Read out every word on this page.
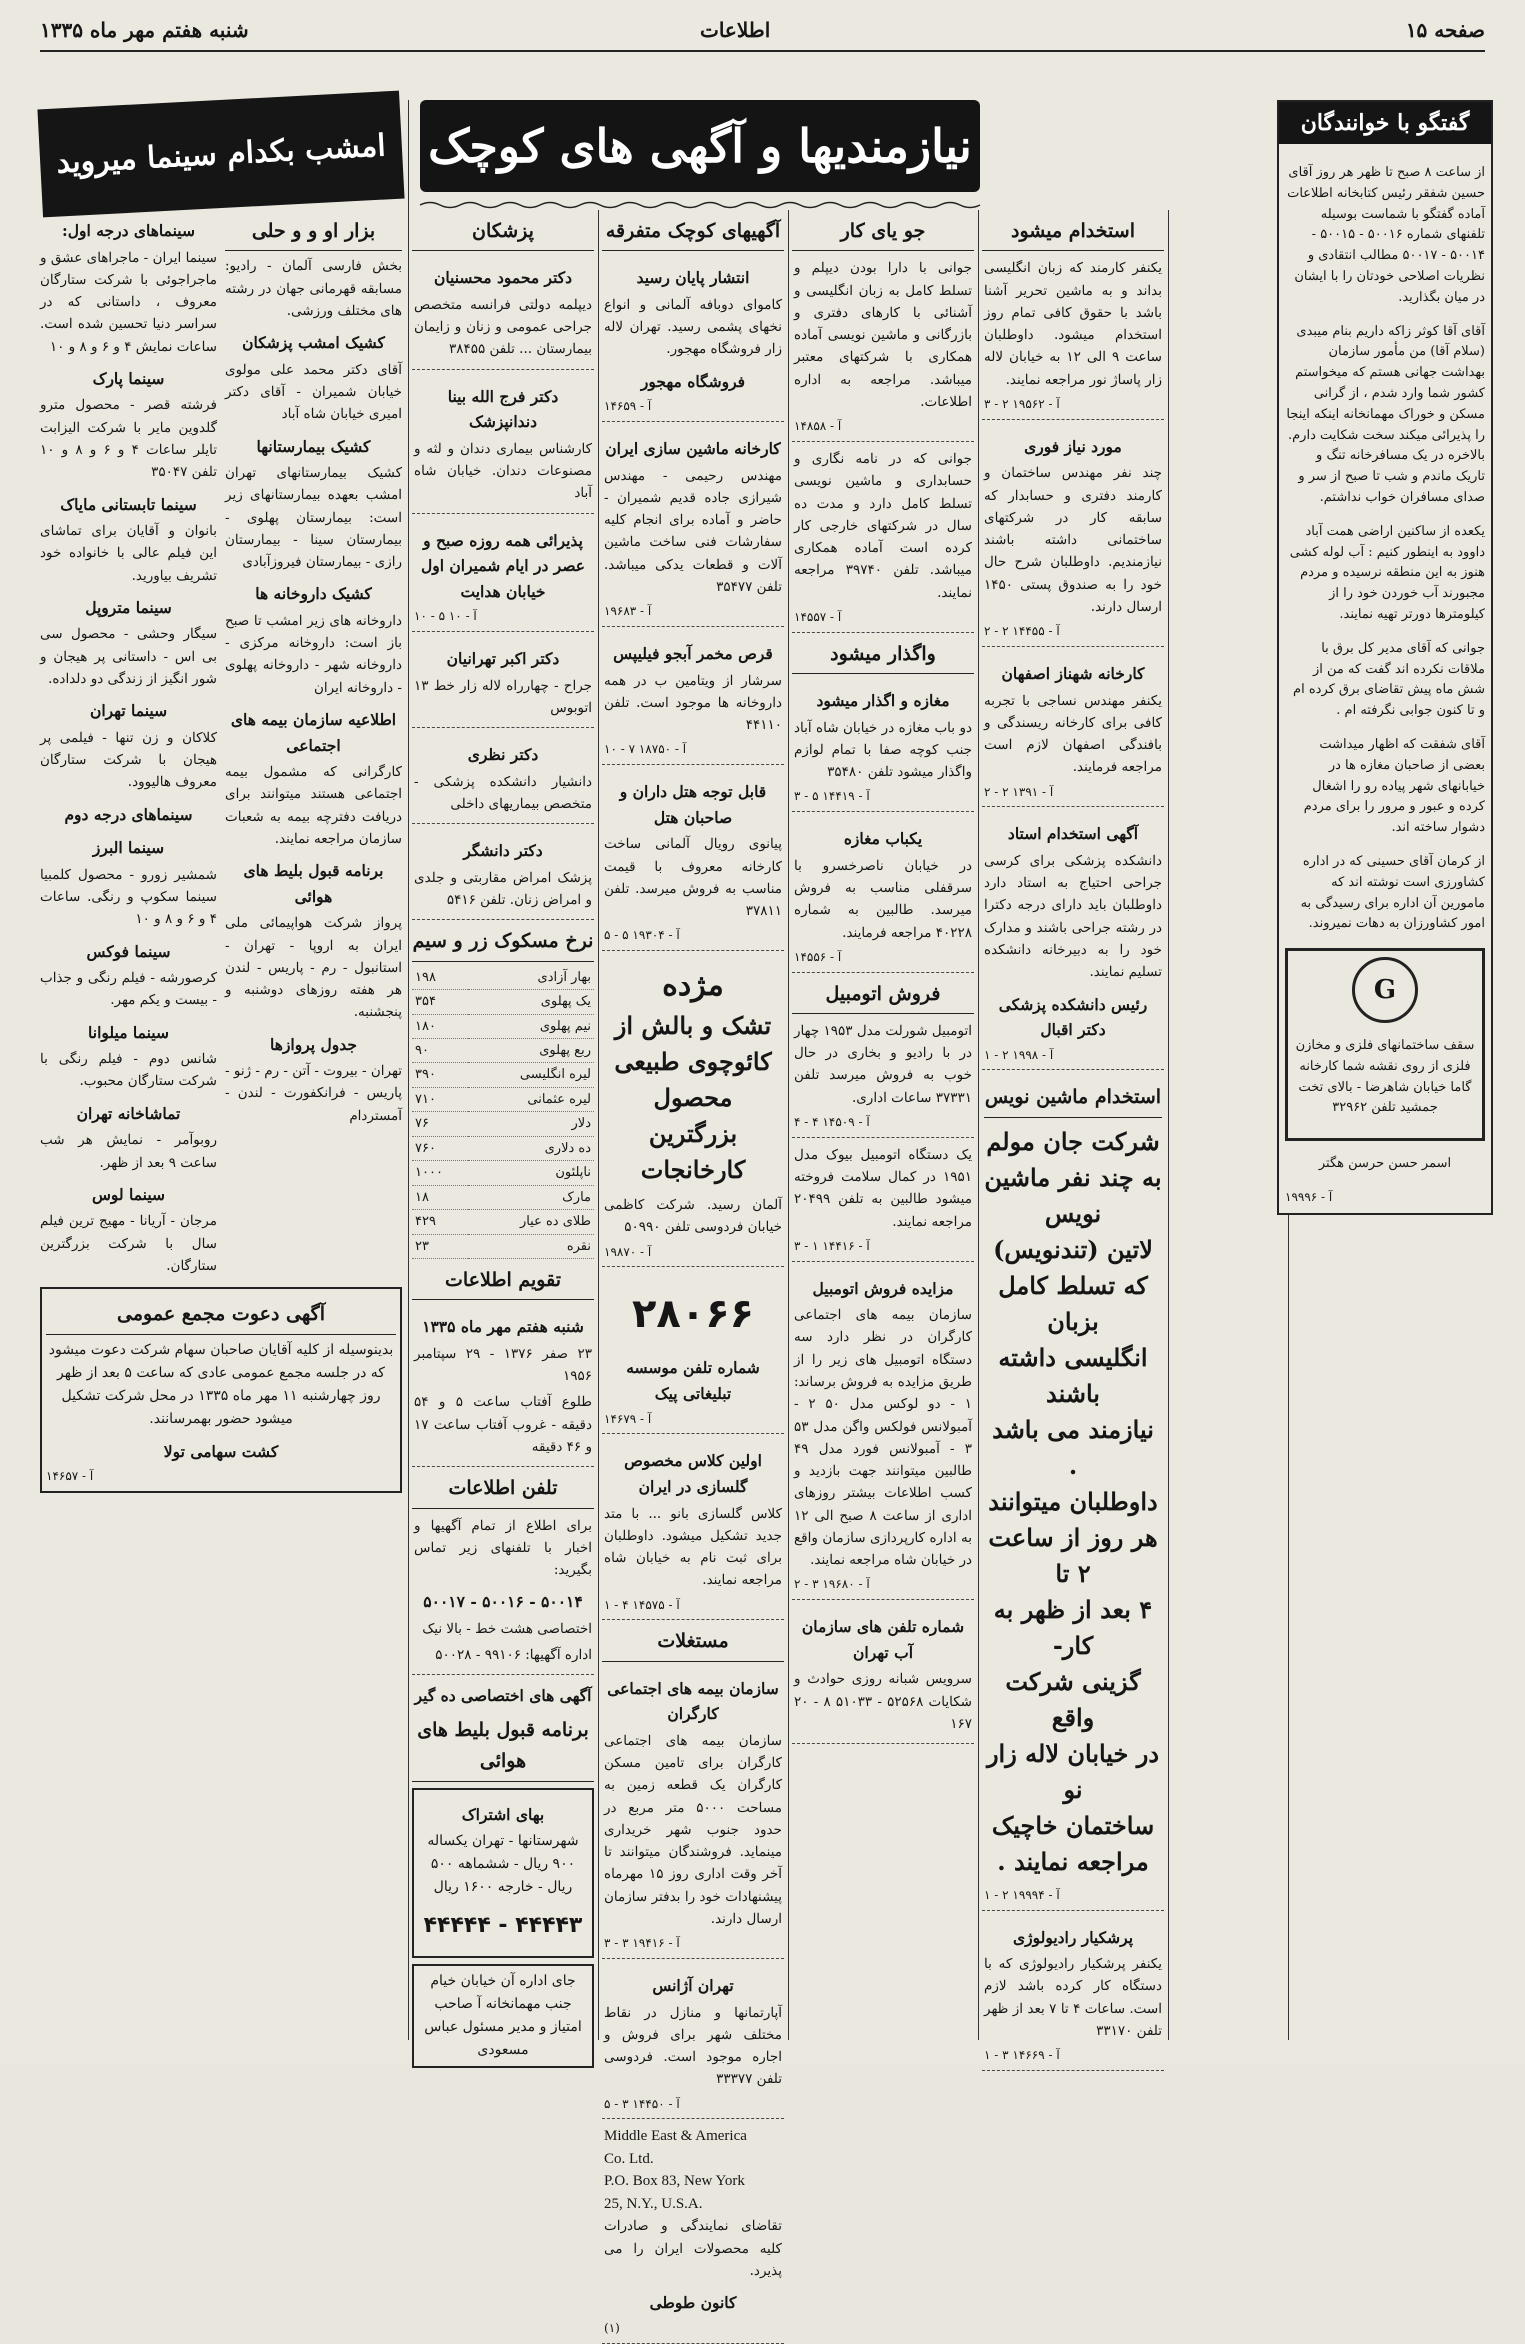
صفحه ۱۵
اطلاعات
شنبه هفتم مهر ماه ۱۳۳۵
نیازمندیها و آگهی های کوچک
امشب بکدام سینما میروید
گفتگو با خوانندگان

از ساعت ۸ صبح تا ظهر هر روز آقای حسین شفقر رئیس کتابخانه اطلاعات آماده گفتگو با شماست بوسیله تلفنهای شماره ۵۰۰۱۶ - ۵۰۰۱۵ - ۵۰۰۱۴ - ۵۰۰۱۷ مطالب انتقادی و نظریات اصلاحی خودتان را با ایشان در میان بگذارید.

آقای آقا کوثر زاکه داریم بنام میبدی (سلام آقا) من مأمور سازمان بهداشت جهانی هستم که میخواستم کشور شما وارد شدم ، از گرانی مسکن و خوراک مهمانخانه اینکه اینجا را پذیرائی میکند سخت شکایت دارم. بالاخره در یک مسافرخانه تنگ و تاریک ماندم و شب تا صبح از سر و صدای مسافران خواب نداشتم.

یکعده از ساکنین اراضی همت آباد داوود به اینطور کنیم : آب لوله کشی هنوز به این منطقه نرسیده و مردم مجبورند آب خوردن خود را از کیلومترها دورتر تهیه نمایند.

جوانی که آقای مدیر کل برق با ملاقات نکرده اند گفت که من از شش ماه پیش تقاضای برق کرده ام و تا کنون جوابی نگرفته ام .

آقای شفقت که اظهار میداشت بعضی از صاحبان مغازه ها در خیابانهای شهر پیاده رو را اشغال کرده و عبور و مرور را برای مردم دشوار ساخته اند.

از کرمان آقای حسینی که در اداره کشاورزی است نوشته اند که مامورین آن اداره برای رسیدگی به امور کشاورزان به دهات نمیروند.

G

سقف ساختمانهای فلزی و مخازن فلزی از روی نقشه شما کارخانه گاما خیابان شاهرضا - بالای تخت جمشید تلفن ۳۲۹۶۲

اسمر حسن حرسن هگتر

آ - ۱۹۹۹۶
استخدام میشود

یکنفر کارمند که زبان انگلیسی بداند و به ماشین تحریر آشنا باشد با حقوق کافی تمام روز استخدام میشود. داوطلبان ساعت ۹ الی ۱۲ به خیابان لاله زار پاساژ نور مراجعه نمایند.

آ - ۱۹۵۶۲ ۲ - ۳
مورد نیاز فوری

چند نفر مهندس ساختمان و کارمند دفتری و حسابدار که سابقه کار در شرکتهای ساختمانی داشته باشند نیازمندیم. داوطلبان شرح حال خود را به صندوق پستی ۱۴۵۰ ارسال دارند.

آ - ۱۴۴۵۵ ۲ - ۲
کارخانه شهناز اصفهان

یکنفر مهندس نساجی با تجربه کافی برای کارخانه ریسندگی و بافندگی اصفهان لازم است مراجعه فرمایند.

آ - ۱۳۹۱ ۲ - ۲
آگهی استخدام استاد

دانشکده پزشکی برای کرسی جراحی احتیاج به استاد دارد داوطلبان باید دارای درجه دکترا در رشته جراحی باشند و مدارک خود را به دبیرخانه دانشکده تسلیم نمایند.

رئیس دانشکده پزشکی دکتر اقبال
آ - ۱۹۹۸ ۲ - ۱
استخدام ماشین نویس
شرکت جان مولم
به چند نفر ماشین نویس
لاتین (تندنویس)
که تسلط کامل بزبان
انگلیسی داشته باشند
نیازمند می باشد .
داوطلبان میتوانند
هر روز از ساعت ۲ تا
۴ بعد از ظهر به کار-
گزینی شرکت واقع
در خیابان لاله زار نو
ساختمان خاچیک
مراجعه نمایند .
آ - ۱۹۹۹۴ ۲ - ۱
پرشکیار رادیولوژی

یکنفر پرشکیار رادیولوژی که با دستگاه کار کرده باشد لازم است. ساعات ۴ تا ۷ بعد از ظهر تلفن ۳۳۱۷۰

آ - ۱۴۶۶۹ ۳ - ۱
جو یای کار

جوانی با دارا بودن دیپلم و تسلط کامل به زبان انگلیسی و آشنائی با کارهای دفتری و بازرگانی و ماشین نویسی آماده همکاری با شرکتهای معتبر میباشد. مراجعه به اداره اطلاعات.

آ - ۱۴۸۵۸

جوانی که در نامه نگاری و حسابداری و ماشین نویسی تسلط کامل دارد و مدت ده سال در شرکتهای خارجی کار کرده است آماده همکاری میباشد. تلفن ۳۹۷۴۰ مراجعه نمایند.

آ - ۱۴۵۵۷
واگذار میشود
مغازه و اگذار میشود

دو باب مغازه در خیابان شاه آباد جنب کوچه صفا با تمام لوازم واگذار میشود تلفن ۳۵۴۸۰

آ - ۱۴۴۱۹ ۵ - ۳
یکباب مغازه

در خیابان ناصرخسرو با سرقفلی مناسب به فروش میرسد. طالبین به شماره ۴۰۲۲۸ مراجعه فرمایند.

آ - ۱۴۵۵۶
فروش اتومبیل

اتومبیل شورلت مدل ۱۹۵۳ چهار در با رادیو و بخاری در حال خوب به فروش میرسد تلفن ۳۷۳۳۱ ساعات اداری.

آ - ۱۴۵۰۹ ۴ - ۴

یک دستگاه اتومبیل بیوک مدل ۱۹۵۱ در کمال سلامت فروخته میشود طالبین به تلفن ۲۰۴۹۹ مراجعه نمایند.

آ - ۱۴۴۱۶ ۱ - ۳
مزایده فروش اتومبیل

سازمان بیمه های اجتماعی کارگران در نظر دارد سه دستگاه اتومبیل های زیر را از طریق مزایده به فروش برساند: ۱ - دو لوکس مدل ۵۰ ۲ - آمبولانس فولکس واگن مدل ۵۳ ۳ - آمبولانس فورد مدل ۴۹ طالبین میتوانند جهت بازدید و کسب اطلاعات بیشتر روزهای اداری از ساعت ۸ صبح الی ۱۲ به اداره کارپردازی سازمان واقع در خیابان شاه مراجعه نمایند.

آ - ۱۹۶۸۰ ۳ - ۲
شماره تلفن های سازمان آب تهران

سرویس شبانه روزی حوادث و شکایات ۵۲۵۶۸ - ۵۱۰۳۳ ۸ - ۲۰ ۱۶۷

آگهیهای کوچک متفرقه
انتشار پایان رسید

کاموای دوبافه آلمانی و انواع نخهای پشمی رسید. تهران لاله زار فروشگاه مهجور.

فروشگاه مهجور
آ - ۱۴۶۵۹
کارخانه ماشین سازی ایران

مهندس رحیمی - مهندس شیرازی جاده قدیم شمیران - حاضر و آماده برای انجام کلیه سفارشات فنی ساخت ماشین آلات و قطعات یدکی میباشد. تلفن ۳۵۴۷۷

آ - ۱۹۶۸۳
قرص مخمر آبجو فیلیپس

سرشار از ویتامین ب در همه داروخانه ها موجود است. تلفن ۴۴۱۱۰

آ - ۱۸۷۵۰ ۷ - ۱۰
قابل توجه هتل داران و صاحبان هتل

پیانوی رویال آلمانی ساخت کارخانه معروف با قیمت مناسب به فروش میرسد. تلفن ۳۷۸۱۱

آ - ۱۹۳۰۴ ۵ - ۵
مژده
تشک و بالش از
کائوچوی طبیعی محصول
بزرگترین کارخانجات

آلمان رسید. شرکت کاظمی خیابان فردوسی تلفن ۵۰۹۹۰

آ - ۱۹۸۷۰
۲۸۰۶۶
شماره تلفن موسسه تبلیغاتی پیک
آ - ۱۴۶۷۹
اولین کلاس مخصوص گلسازی در ایران

کلاس گلسازی بانو ... با متد جدید تشکیل میشود. داوطلبان برای ثبت نام به خیابان شاه مراجعه نمایند.

آ - ۱۴۵۷۵ ۴ - ۱
مستغلات
سازمان بیمه های اجتماعی کارگران

سازمان بیمه های اجتماعی کارگران برای تامین مسکن کارگران یک قطعه زمین به مساحت ۵۰۰۰ متر مربع در حدود جنوب شهر خریداری مینماید. فروشندگان میتوانند تا آخر وقت اداری روز ۱۵ مهرماه پیشنهادات خود را بدفتر سازمان ارسال دارند.

آ - ۱۹۴۱۶ ۳ - ۳
تهران آژانس

آپارتمانها و منازل در نقاط مختلف شهر برای فروش و اجاره موجود است. فردوسی تلفن ۳۳۳۷۷

آ - ۱۴۴۵۰ ۳ - ۵
Middle East & America
Co. Ltd.
P.O. Box 83, New York
25, N.Y., U.S.A.

تقاضای نمایندگی و صادرات کلیه محصولات ایران را می پذیرد.

کانون طوطی
(۱)
پزشکان
دکتر محمود محسنیان

دیپلمه دولتی فرانسه متخصص جراحی عمومی و زنان و زایمان بیمارستان ... تلفن ۳۸۴۵۵

دکتر فرج الله بینا دندانپزشک

کارشناس بیماری دندان و لثه و مصنوعات دندان. خیابان شاه آباد

پذیرائی همه روزه صبح و عصر در ایام شمیران اول خیابان هدایت
آ - ۱۰ ۵ - ۱۰
دکتر اکبر تهرانیان

جراح - چهارراه لاله زار خط ۱۳ اتوبوس

دکتر نظری

دانشیار دانشکده پزشکی - متخصص بیماریهای داخلی

دکتر دانشگر

پزشک امراض مقاربتی و جلدی و امراض زنان. تلفن ۵۴۱۶

نرخ مسکوک زر و سیم
بهار آزادی	۱۹۸
یک پهلوی	۳۵۴
نیم پهلوی	۱۸۰
ربع پهلوی	۹۰
لیره انگلیسی	۳۹۰
لیره عثمانی	۷۱۰
دلار	۷۶
ده دلاری	۷۶۰
ناپلئون	۱۰۰۰
مارک	۱۸
طلای ده عیار	۴۲۹
نقره	۲۳
تقویم اطلاعات
شنبه هفتم مهر ماه ۱۳۳۵

۲۳ صفر ۱۳۷۶ - ۲۹ سپتامبر ۱۹۵۶

طلوع آفتاب ساعت ۵ و ۵۴ دقیقه - غروب آفتاب ساعت ۱۷ و ۴۶ دقیقه

تلفن اطلاعات

برای اطلاع از تمام آگهیها و اخبار با تلفنهای زیر تماس بگیرید:

۵۰۰۱۴ - ۵۰۰۱۶ - ۵۰۰۱۷

اختصاصی هشت خط - بالا نیک

اداره آگهیها: ۹۹۱۰۶ - ۵۰۰۲۸

آگهی های اختصاصی ده گیر
برنامه قبول بلیط های هوائی
بهای اشتراک

شهرستانها - تهران یکساله ۹۰۰ ریال - ششماهه ۵۰۰ ریال - خارجه ۱۶۰۰ ریال

۴۴۴۴۳ - ۴۴۴۴۴
جای اداره آن خیابان خیام جنب مهمانخانه آ صاحب امتیاز و مدیر مسئول عباس مسعودی
بزار او و و حلی

بخش فارسی آلمان - رادیو: مسابقه قهرمانی جهان در رشته های مختلف ورزشی.

کشیک امشب پزشکان

آقای دکتر محمد علی مولوی خیابان شمیران - آقای دکتر امیری خیابان شاه آباد

کشیک بیمارستانها

کشیک بیمارستانهای تهران امشب بعهده بیمارستانهای زیر است: بیمارستان پهلوی - بیمارستان سینا - بیمارستان رازی - بیمارستان فیروزآبادی

کشیک داروخانه ها

داروخانه های زیر امشب تا صبح باز است: داروخانه مرکزی - داروخانه شهر - داروخانه پهلوی - داروخانه ایران

اطلاعیه سازمان بیمه های اجتماعی

کارگرانی که مشمول بیمه اجتماعی هستند میتوانند برای دریافت دفترچه بیمه به شعبات سازمان مراجعه نمایند.

برنامه قبول بلیط های هوائی

پرواز شرکت هواپیمائی ملی ایران به اروپا - تهران - استانبول - رم - پاریس - لندن هر هفته روزهای دوشنبه و پنجشنبه.

جدول پروازها

تهران - بیروت - آتن - رم - ژنو - پاریس - فرانکفورت - لندن - آمستردام

سینماهای درجه اول:

سینما ایران - ماجراهای عشق و ماجراجوئی با شرکت ستارگان معروف ، داستانی که در سراسر دنیا تحسین شده است. ساعات نمایش ۴ و ۶ و ۸ و ۱۰

سینما پارک

فرشته قصر - محصول مترو گلدوین مایر با شرکت الیزابت تایلر ساعات ۴ و ۶ و ۸ و ۱۰ تلفن ۳۵۰۴۷

سینما تابستانی مایاک

بانوان و آقایان برای تماشای این فیلم عالی با خانواده خود تشریف بیاورید.

سینما متروپل

سیگار وحشی - محصول سی بی اس - داستانی پر هیجان و شور انگیز از زندگی دو دلداده.

سینما تهران

کلاکان و زن تنها - فیلمی پر هیجان با شرکت ستارگان معروف هالیوود.

سینماهای درجه دوم
سینما البرز

شمشیر زورو - محصول کلمبیا سینما سکوپ و رنگی. ساعات ۴ و ۶ و ۸ و ۱۰

سینما فوکس

کرصورشه - فیلم رنگی و جذاب - بیست و یکم مهر.

سینما میلوانا

شانس دوم - فیلم رنگی با شرکت ستارگان محبوب.

تماشاخانه تهران

روبوآمر - نمایش هر شب ساعت ۹ بعد از ظهر.

سینما لوس

مرجان - آریانا - مهیج ترین فیلم سال با شرکت بزرگترین ستارگان.

آگهی دعوت مجمع عمومی

بدینوسیله از کلیه آقایان صاحبان سهام شرکت دعوت میشود که در جلسه مجمع عمومی عادی که ساعت ۵ بعد از ظهر روز چهارشنبه ۱۱ مهر ماه ۱۳۳۵ در محل شرکت تشکیل میشود حضور بهمرسانند.

کشت سهامی تولا
آ - ۱۴۶۵۷
